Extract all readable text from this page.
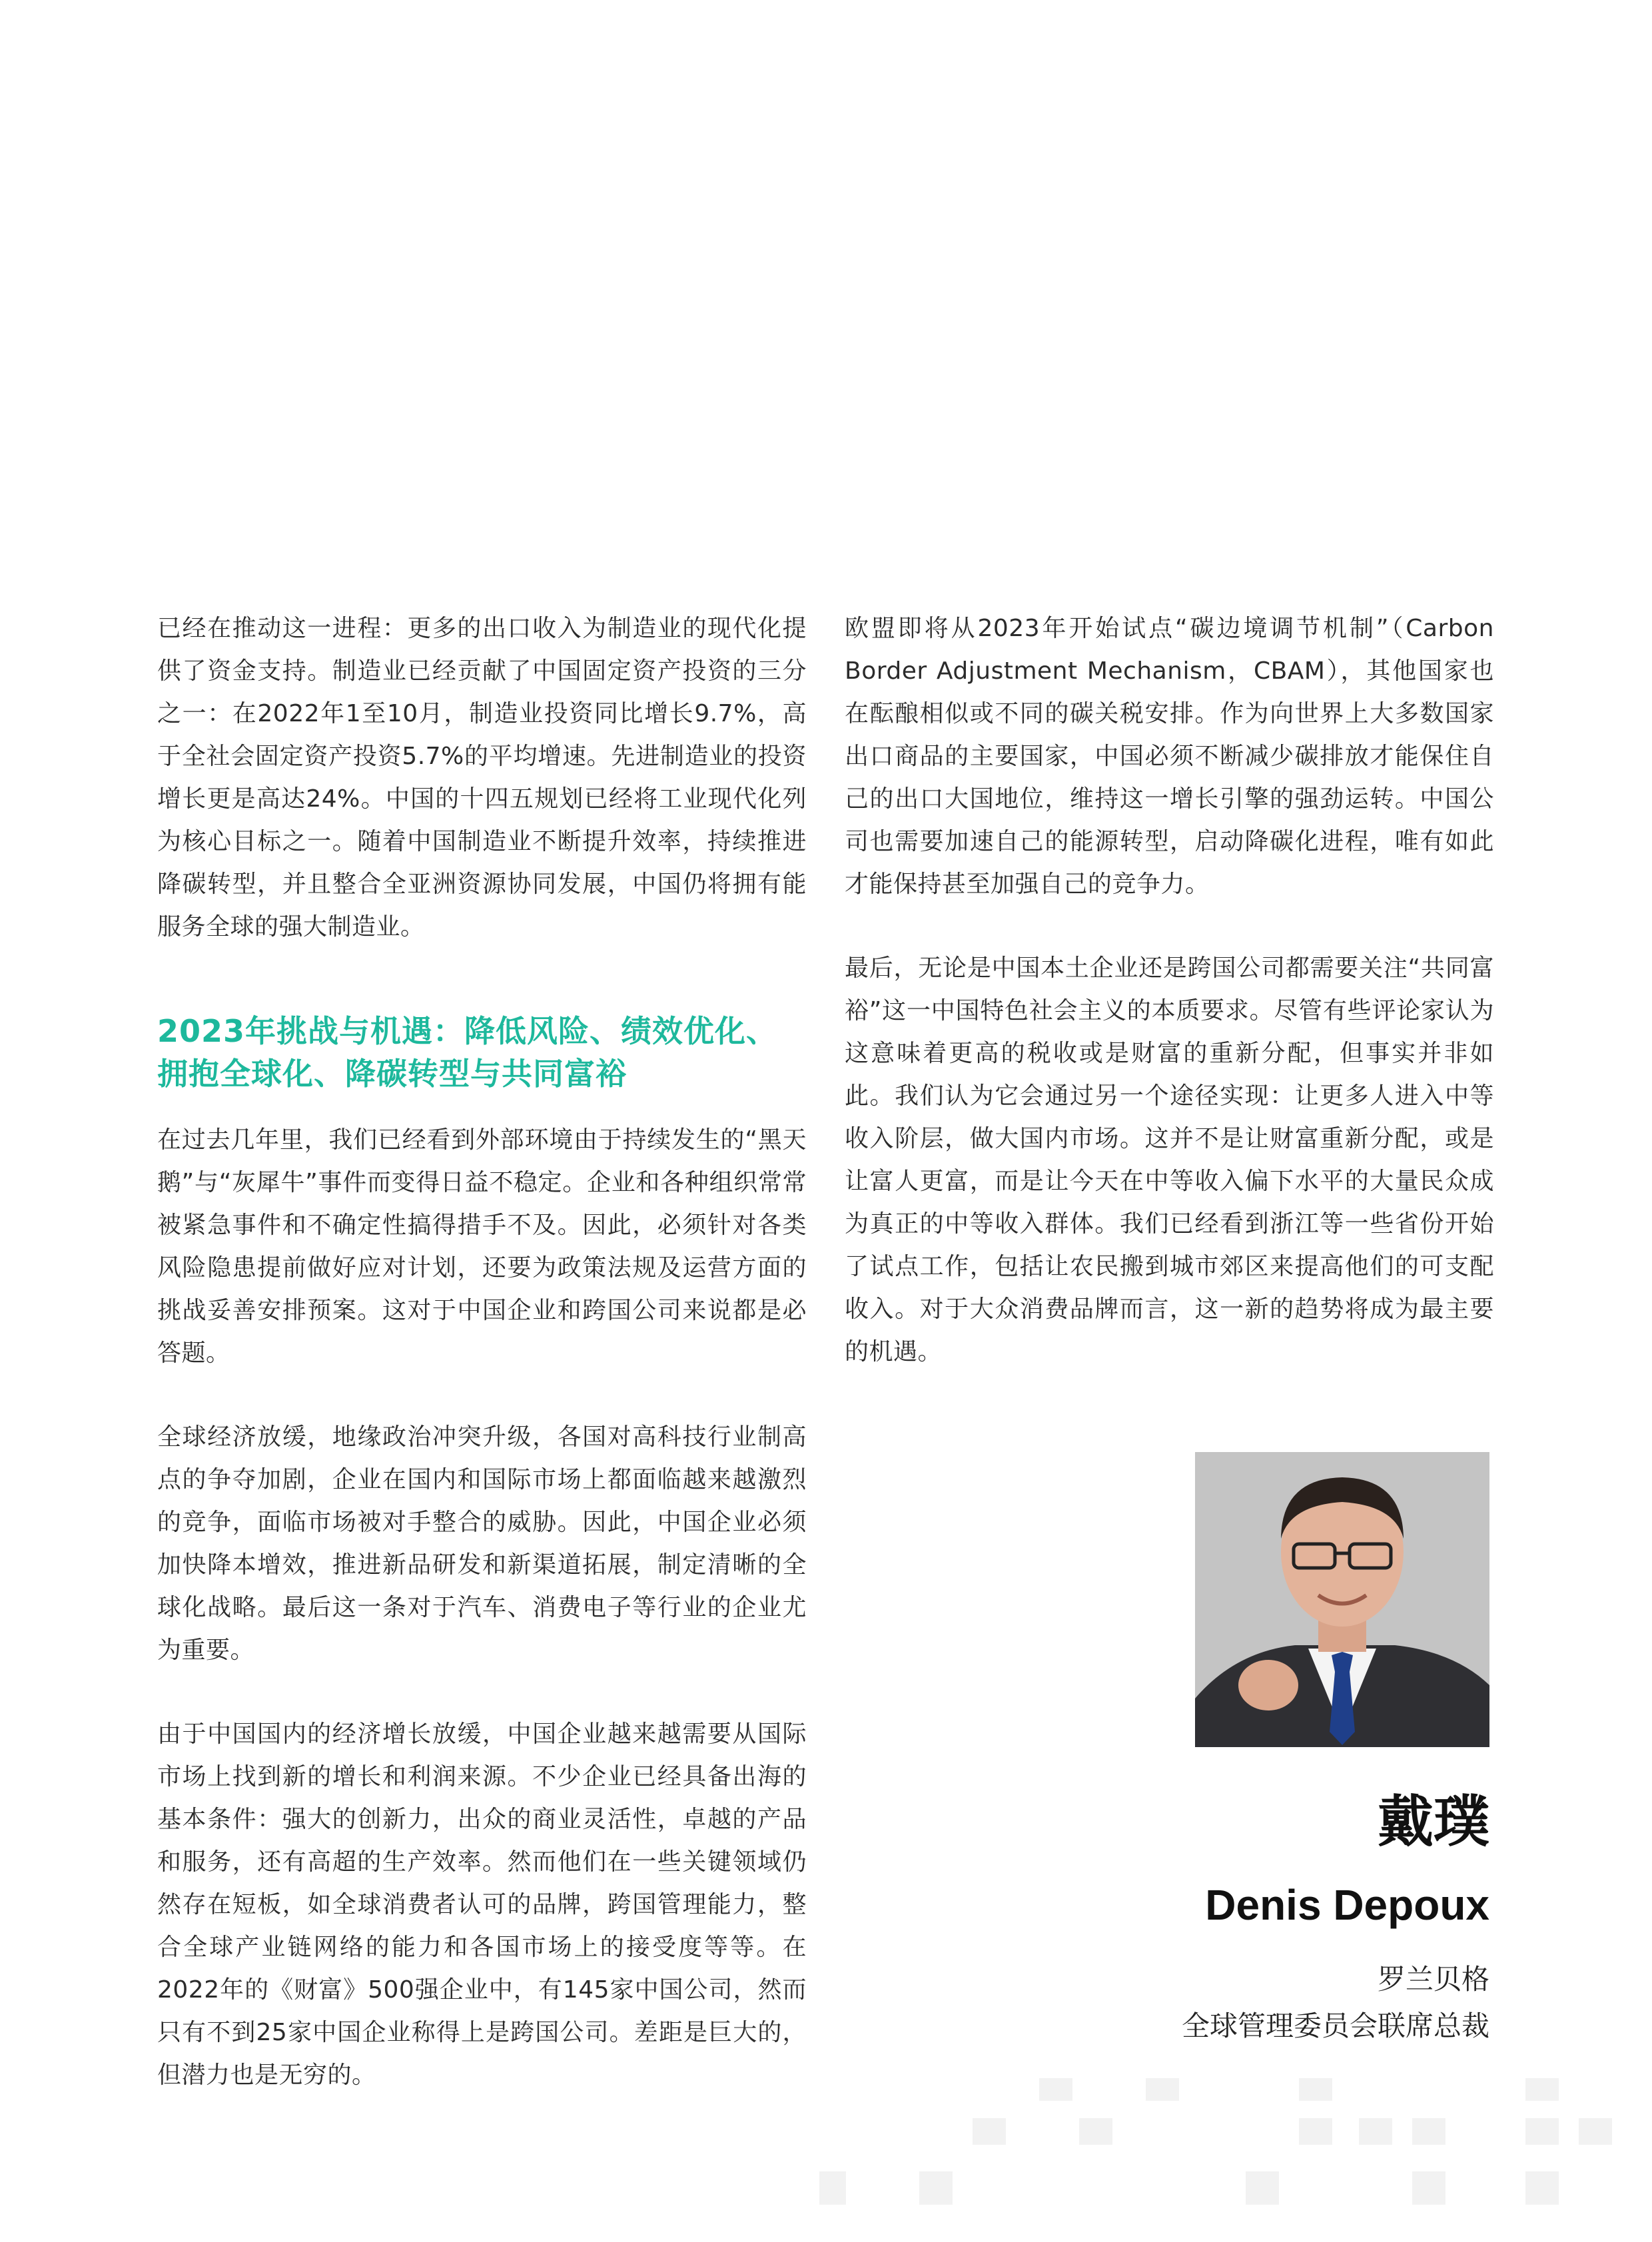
已经在推动这一进程：更多的出口收入为制造业的现代化提供了资金支持。制造业已经贡献了中国固定资产投资的三分之一：在2022年1至10月，制造业投资同比增长9.7%，高于全社会固定资产投资5.7%的平均增速。先进制造业的投资增长更是高达24%。中国的十四五规划已经将工业现代化列为核心目标之一。随着中国制造业不断提升效率，持续推进降碳转型，并且整合全亚洲资源协同发展，中国仍将拥有能服务全球的强大制造业。

2023年挑战与机遇：降低风险、绩效优化、
拥抱全球化、降碳转型与共同富裕

在过去几年里，我们已经看到外部环境由于持续发生的“黑天鹅”与“灰犀牛”事件而变得日益不稳定。企业和各种组织常常被紧急事件和不确定性搞得措手不及。因此，必须针对各类风险隐患提前做好应对计划，还要为政策法规及运营方面的挑战妥善安排预案。这对于中国企业和跨国公司来说都是必答题。

全球经济放缓，地缘政治冲突升级，各国对高科技行业制高点的争夺加剧，企业在国内和国际市场上都面临越来越激烈的竞争，面临市场被对手整合的威胁。因此，中国企业必须加快降本增效，推进新品研发和新渠道拓展，制定清晰的全球化战略。最后这一条对于汽车、消费电子等行业的企业尤为重要。

由于中国国内的经济增长放缓，中国企业越来越需要从国际市场上找到新的增长和利润来源。不少企业已经具备出海的基本条件：强大的创新力，出众的商业灵活性，卓越的产品和服务，还有高超的生产效率。然而他们在一些关键领域仍然存在短板，如全球消费者认可的品牌，跨国管理能力，整合全球产业链网络的能力和各国市场上的接受度等等。在2022年的《财富》500强企业中，有145家中国公司，然而只有不到25家中国企业称得上是跨国公司。差距是巨大的，但潜力也是无穷的。

欧盟即将从2023年开始试点“碳边境调节机制”（Carbon Border Adjustment Mechanism，CBAM），其他国家也在酝酿相似或不同的碳关税安排。作为向世界上大多数国家出口商品的主要国家，中国必须不断减少碳排放才能保住自己的出口大国地位，维持这一增长引擎的强劲运转。中国公司也需要加速自己的能源转型，启动降碳化进程，唯有如此才能保持甚至加强自己的竞争力。

最后，无论是中国本土企业还是跨国公司都需要关注“共同富裕”这一中国特色社会主义的本质要求。尽管有些评论家认为这意味着更高的税收或是财富的重新分配，但事实并非如此。我们认为它会通过另一个途径实现：让更多人进入中等收入阶层，做大国内市场。这并不是让财富重新分配，或是让富人更富，而是让今天在中等收入偏下水平的大量民众成为真正的中等收入群体。我们已经看到浙江等一些省份开始了试点工作，包括让农民搬到城市郊区来提高他们的可支配收入。对于大众消费品牌而言，这一新的趋势将成为最主要的机遇。

戴璞
Denis Depoux
罗兰贝格
全球管理委员会联席总裁
